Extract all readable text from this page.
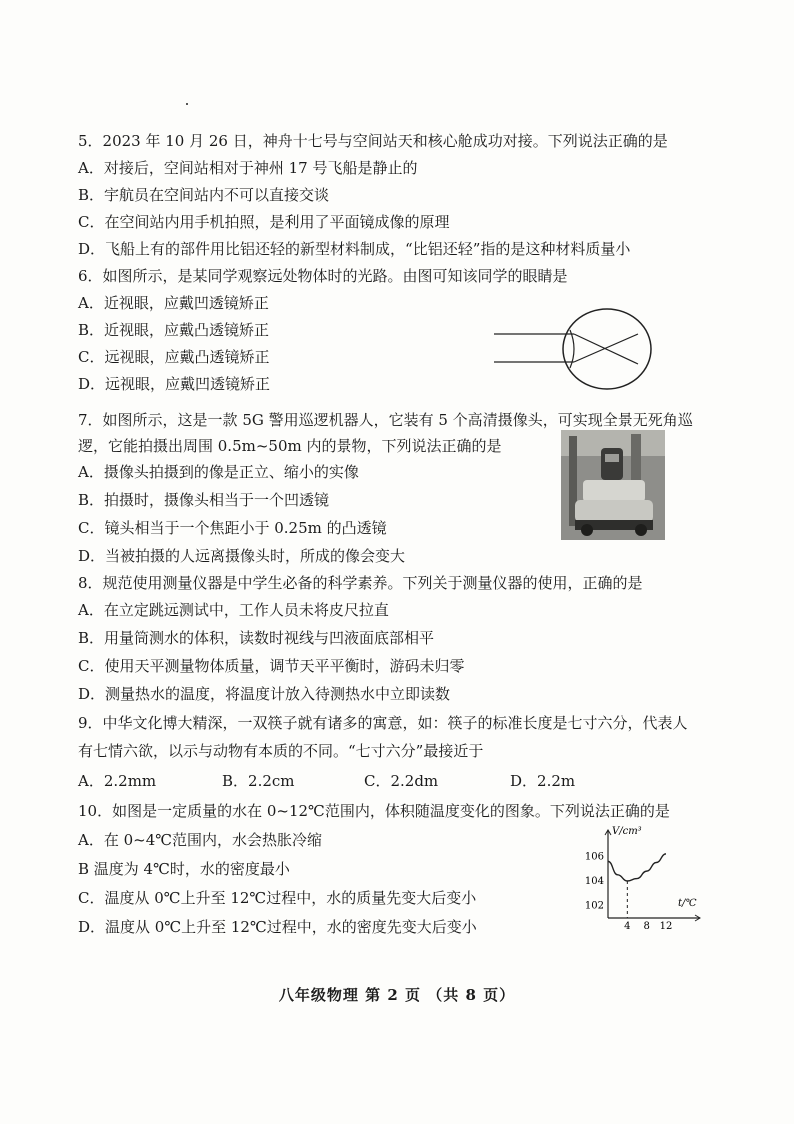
5．2023 年 10 月 26 日，神舟十七号与空间站天和核心舱成功对接。下列说法正确的是
A．对接后，空间站相对于神州 17 号飞船是静止的
B．宇航员在空间站内不可以直接交谈
C．在空间站内用手机拍照，是利用了平面镜成像的原理
D．飞船上有的部件用比铝还轻的新型材料制成，“比铝还轻”指的是这种材料质量小
6．如图所示，是某同学观察远处物体时的光路。由图可知该同学的眼睛是
A．近视眼，应戴凹透镜矫正
B．近视眼，应戴凸透镜矫正
C．远视眼，应戴凸透镜矫正
D．远视眼，应戴凹透镜矫正
7．如图所示，这是一款 5G 警用巡逻机器人，它装有 5 个高清摄像头，可实现全景无死角巡
逻，它能拍摄出周围 0.5m~50m 内的景物，下列说法正确的是
A．摄像头拍摄到的像是正立、缩小的实像
B．拍摄时，摄像头相当于一个凹透镜
C．镜头相当于一个焦距小于 0.25m 的凸透镜
D．当被拍摄的人远离摄像头时，所成的像会变大
8．规范使用测量仪器是中学生必备的科学素养。下列关于测量仪器的使用，正确的是
A．在立定跳远测试中，工作人员未将皮尺拉直
B．用量筒测水的体积，读数时视线与凹液面底部相平
C．使用天平测量物体质量，调节天平平衡时，游码未归零
D．测量热水的温度，将温度计放入待测热水中立即读数
9．中华文化博大精深，一双筷子就有诸多的寓意，如：筷子的标准长度是七寸六分，代表人
有七情六欲，以示与动物有本质的不同。“七寸六分”最接近于
A．2.2mm	B．2.2cm	C．2.2dm	D．2.2m
10．如图是一定质量的水在 0~12℃范围内，体积随温度变化的图象。下列说法正确的是
A．在 0~4℃范围内，水会热胀冷缩
B 温度为 4℃时，水的密度最小
C．温度从 0℃上升至 12℃过程中，水的质量先变大后变小
D．温度从 0℃上升至 12℃过程中，水的密度先变大后变小
102
104
106
4 8 12
V/cm³
t/℃
八年级物理 第 2 页 （共 8 页）
